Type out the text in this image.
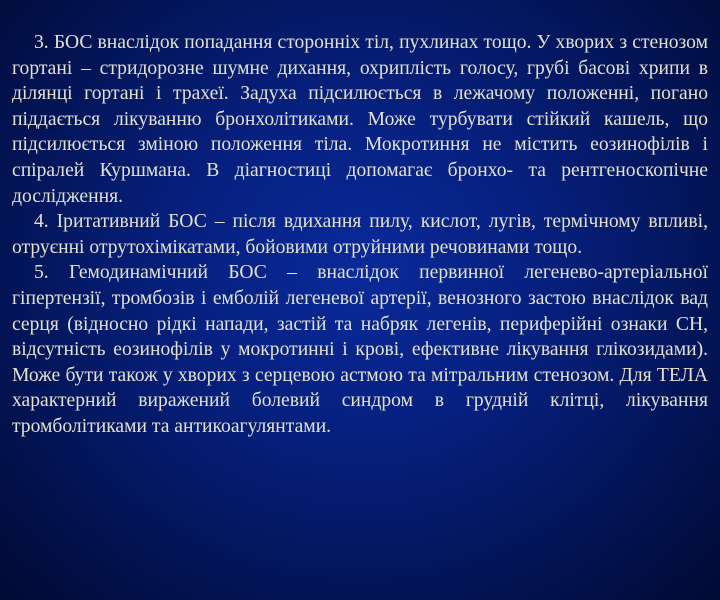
3. БОС внаслідок попадання сторонніх тіл, пухлинах тощо. У хворих з стенозом гортані – стридорозне шумне дихання, охриплість голосу, грубі басові хрипи в ділянці гортані і трахеї. Задуха підсилюється в лежачому положенні, погано піддається лікуванню бронхолітиками. Може турбувати стійкий кашель, що підсилюється зміною положення тіла. Мокротиння не містить еозинофілів і спіралей Куршмана. В діагностиці допомагає бронхо- та рентгеноскопічне дослідження.

4. Іритативний БОС – після вдихання пилу, кислот, лугів, термічному впливі, отруєнні отрутохімікатами, бойовими отруйними речовинами тощо.

5. Гемодинамічний БОС – внаслідок первинної легенево-артеріальної гіпертензії, тромбозів і емболій легеневої артерії, венозного застою внаслідок вад серця (відносно рідкі напади, застій та набряк легенів, периферійні ознаки СН, відсутність еозинофілів у мокротинні і крові, ефективне лікування глікозидами). Може бути також у хворих з серцевою астмою та мітральним стенозом. Для ТЕЛА характерний виражений болевий синдром в грудній клітці, лікування тромболітиками та антикоагулянтами.
